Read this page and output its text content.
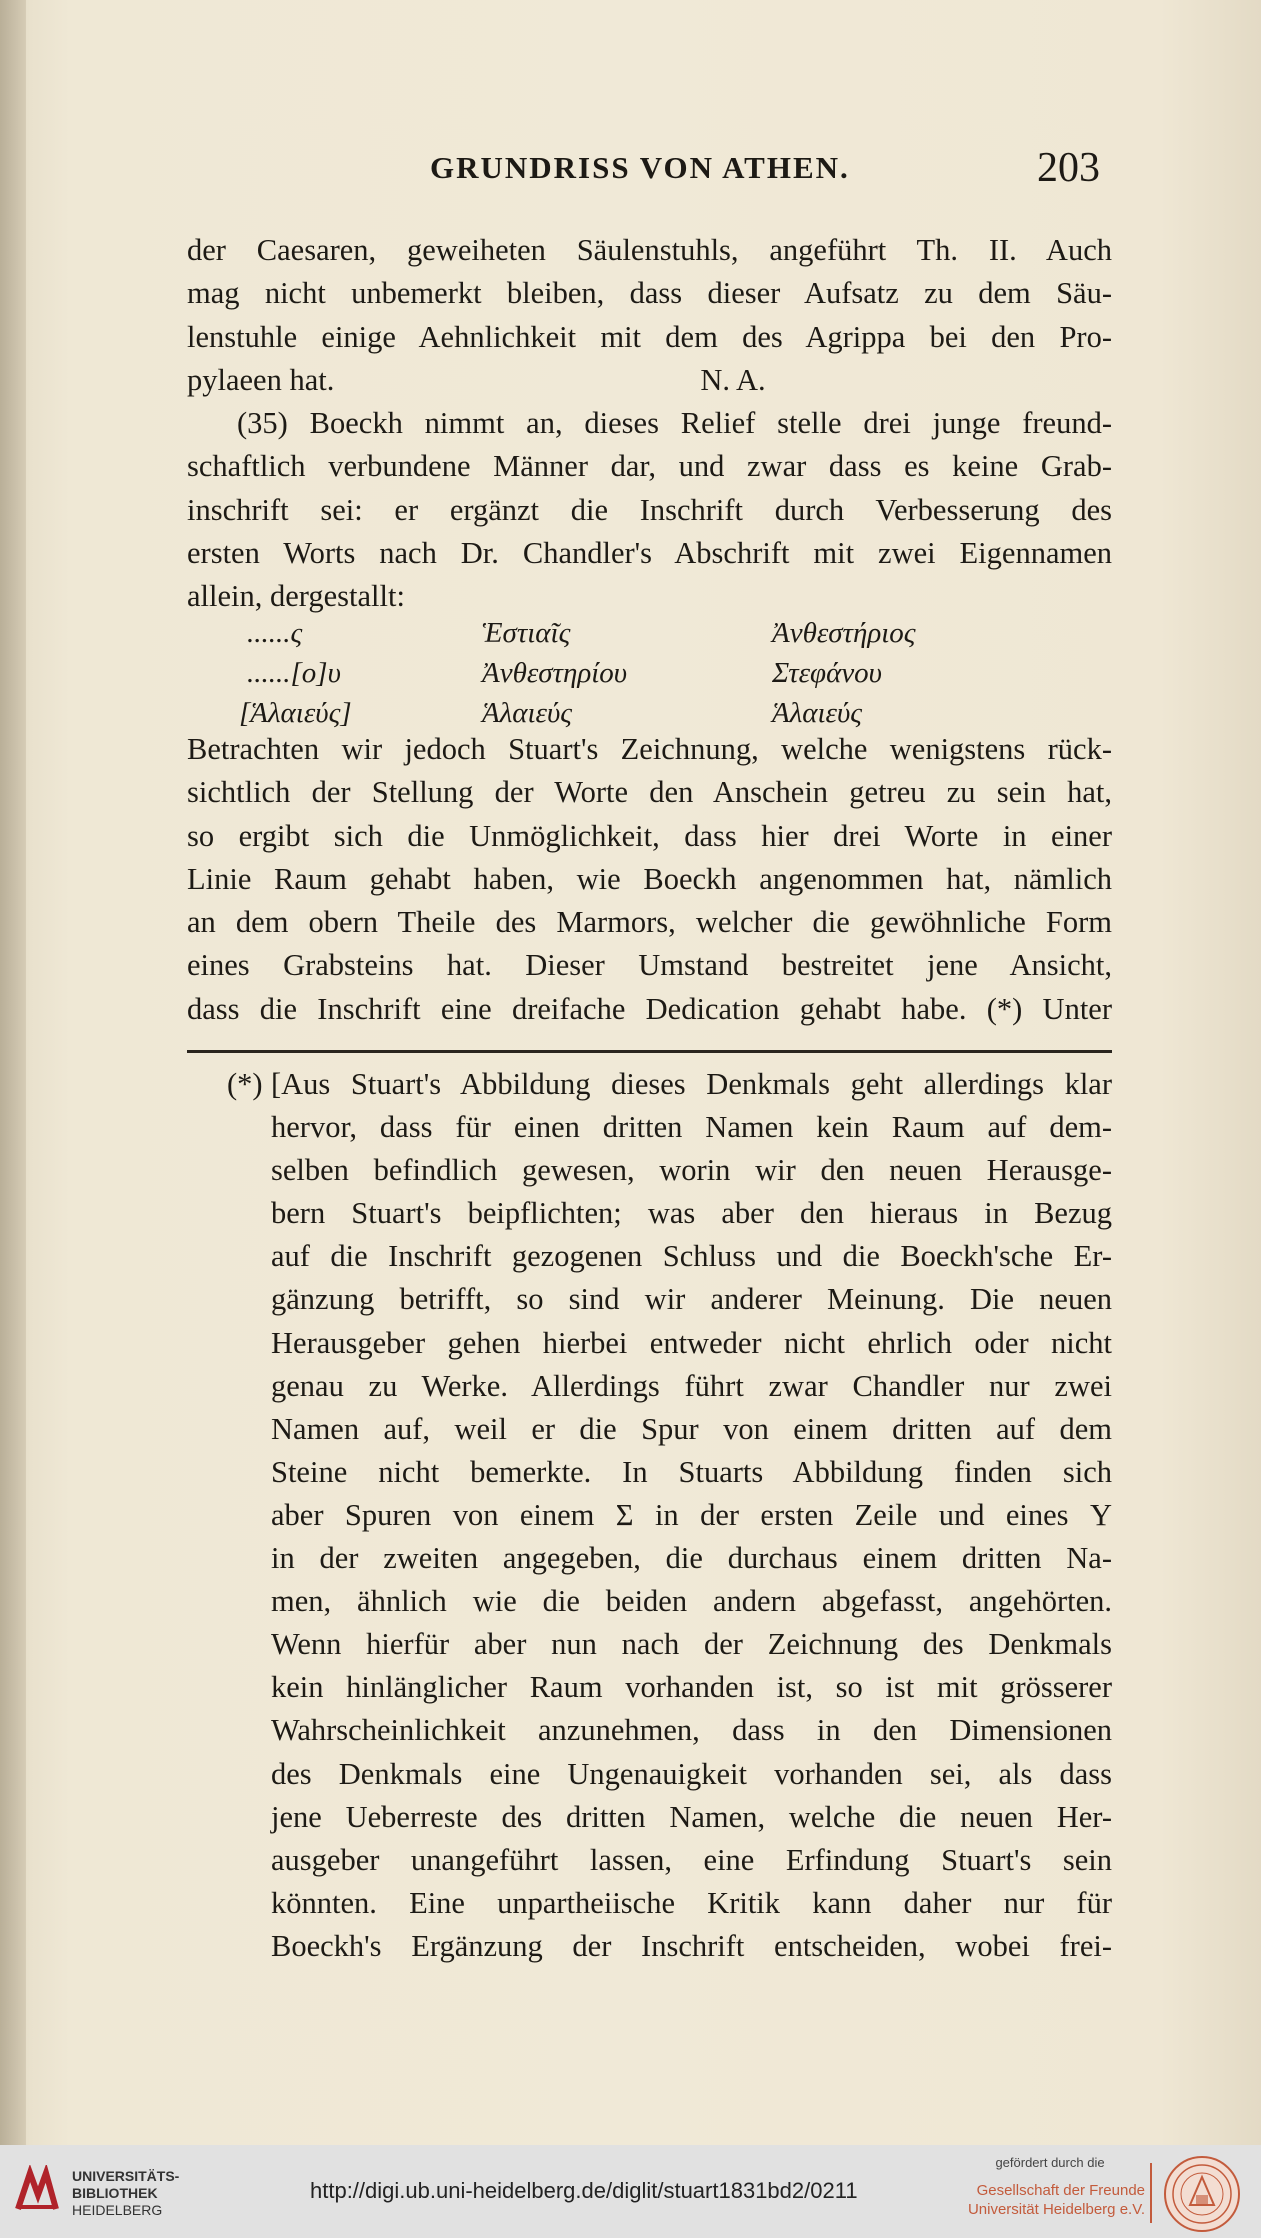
GRUNDRISS VON ATHEN.	203
der Caesaren, geweiheten Säulenstuhls, angeführt Th. II. Auch
mag nicht unbemerkt bleiben, dass dieser Aufsatz zu dem Säu-
lenstuhle einige Aehnlichkeit mit dem des Agrippa bei den Pro-
pylaeen hat.                                                N. A.
(35) Boeckh nimmt an, dieses Relief stelle drei junge freund-
schaftlich verbundene Männer dar, und zwar dass es keine Grab-
inschrift sei: er ergänzt die Inschrift durch Verbesserung des
ersten Worts nach Dr. Chandler's Abschrift mit zwei Eigennamen
allein, dergestallt:
......ς	Ἑστιαῖς	Ἀνθεστήριος
......[ο]υ	Ἀνθεστηρίου	Στεφάνου
[Ἁλαιεύς]	Ἁλαιεύς	Ἁλαιεύς
Betrachten wir jedoch Stuart's Zeichnung, welche wenigstens rück-
sichtlich der Stellung der Worte den Anschein getreu zu sein hat,
so ergibt sich die Unmöglichkeit, dass hier drei Worte in einer
Linie Raum gehabt haben, wie Boeckh angenommen hat, nämlich
an dem obern Theile des Marmors, welcher die gewöhnliche Form
eines Grabsteins hat. Dieser Umstand bestreitet jene Ansicht,
dass die Inschrift eine dreifache Dedication gehabt habe. (*) Unter
(*) [Aus Stuart's Abbildung dieses Denkmals geht allerdings klar
hervor, dass für einen dritten Namen kein Raum auf dem-
selben befindlich gewesen, worin wir den neuen Herausge-
bern Stuart's beipflichten; was aber den hieraus in Bezug
auf die Inschrift gezogenen Schluss und die Boeckh'sche Er-
gänzung betrifft, so sind wir anderer Meinung. Die neuen
Herausgeber gehen hierbei entweder nicht ehrlich oder nicht
genau zu Werke. Allerdings führt zwar Chandler nur zwei
Namen auf, weil er die Spur von einem dritten auf dem
Steine nicht bemerkte. In Stuarts Abbildung finden sich
aber Spuren von einem Σ in der ersten Zeile und eines Υ
in der zweiten angegeben, die durchaus einem dritten Na-
men, ähnlich wie die beiden andern abgefasst, angehörten.
Wenn hierfür aber nun nach der Zeichnung des Denkmals
kein hinlänglicher Raum vorhanden ist, so ist mit grösserer
Wahrscheinlichkeit anzunehmen, dass in den Dimensionen
des Denkmals eine Ungenauigkeit vorhanden sei, als dass
jene Ueberreste des dritten Namen, welche die neuen Her-
ausgeber unangeführt lassen, eine Erfindung Stuart's sein
könnten. Eine unpartheiische Kritik kann daher nur für
Boeckh's Ergänzung der Inschrift entscheiden, wobei frei-
UNIVERSITÄTS-
BIBLIOTHEK
HEIDELBERG
http://digi.ub.uni-heidelberg.de/diglit/stuart1831bd2/0211
gefördert durch die
Gesellschaft der Freunde
Universität Heidelberg e.V.
